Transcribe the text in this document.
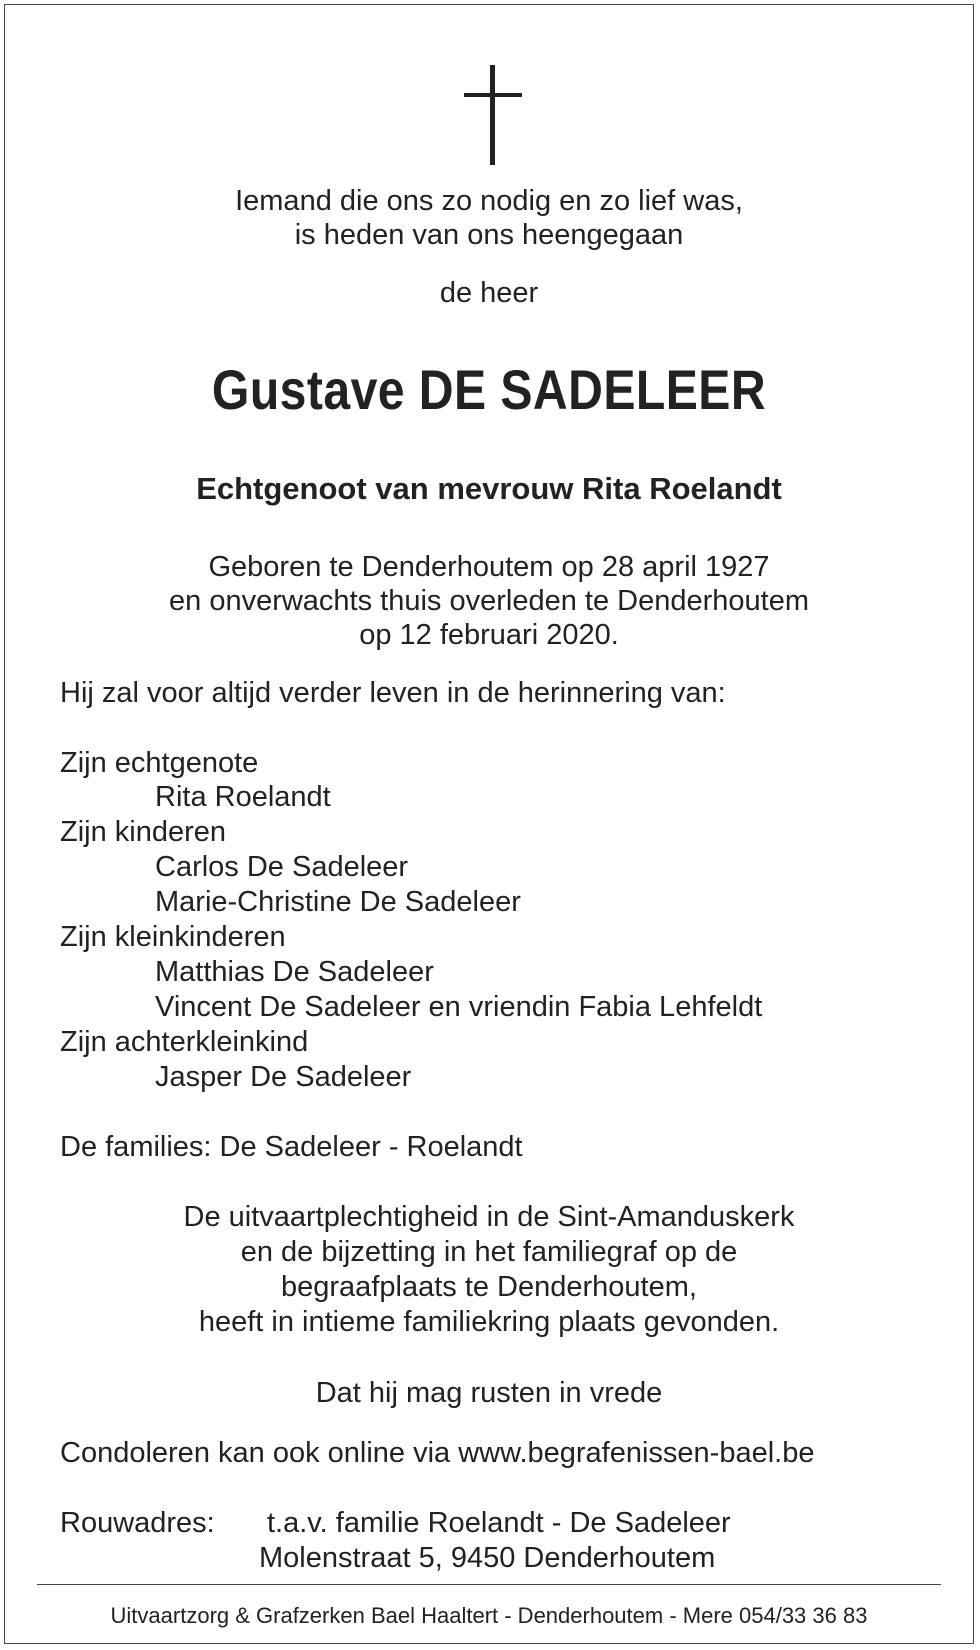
Iemand die ons zo nodig en zo lief was,
is heden van ons heengegaan
de heer
Gustave DE SADELEER
Echtgenoot van mevrouw Rita Roelandt
Geboren te Denderhoutem op 28 april 1927
en onverwachts thuis overleden te Denderhoutem
op 12 februari 2020.
Hij zal voor altijd verder leven in de herinnering van:
Zijn echtgenote
Rita Roelandt
Zijn kinderen
Carlos De Sadeleer
Marie-Christine De Sadeleer
Zijn kleinkinderen
Matthias De Sadeleer
Vincent De Sadeleer en vriendin Fabia Lehfeldt
Zijn achterkleinkind
Jasper De Sadeleer
De families: De Sadeleer - Roelandt
De uitvaartplechtigheid in de Sint-Amanduskerk
en de bijzetting in het familiegraf op de
begraafplaats te Denderhoutem,
heeft in intieme familiekring plaats gevonden.
Dat hij mag rusten in vrede
Condoleren kan ook online via www.begrafenissen-bael.be
Rouwadres: t.a.v. familie Roelandt - De Sadeleer
Molenstraat 5, 9450 Denderhoutem
Uitvaartzorg & Grafzerken Bael Haaltert - Denderhoutem - Mere 054/33 36 83
